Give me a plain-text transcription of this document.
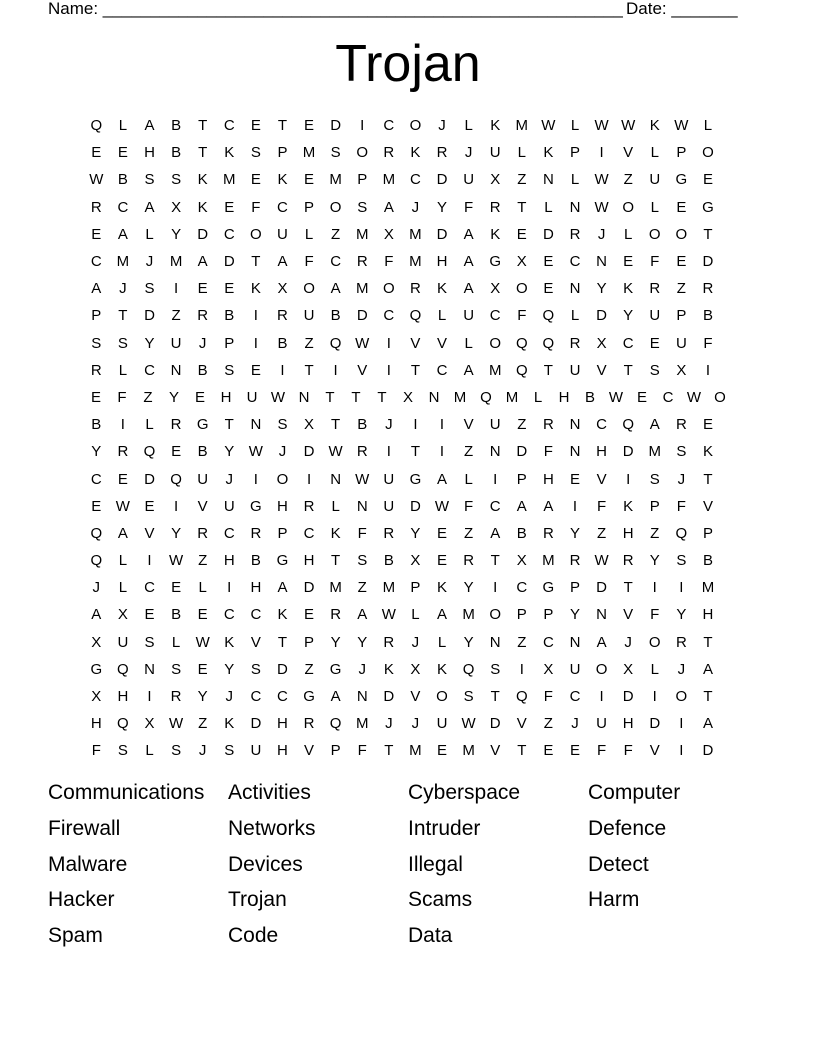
Name: _______________________________________________________ Date: _______
Trojan
Q	L	A	B	T	C	E	T	E	D	I	C	O	J	L	K	M W	L	W W K W	L
E	E	H	B	T	K	S	P	M	S	O	R	K	R	J	U	L	K	P	I	V	L	P	O
W B	S	S	K	M	E	K	E	M	P	M C	D	U	X	Z	N	L	W Z	U	G	E
R	C	A	X	K	E	F	C	P	O	S	A	J	Y	F	R	T	L	N W O	L	E	G
E	A	L	Y	D	C	O	U	L	Z	M	X	M D	A	K	E	D	R	J	L	O O	T
C M	J	M	A	D	T	A	F	C	R	F	M H	A	G	X	E	C	N	E	F	E	D
A	J	S	I	E	E	K	X	O	A	M O	R	K	A	X	O	E	N	Y	K	R	Z	R
P	T	D	Z	R	B	I	R	U	B	D	C	Q	L	U	C	F	Q	L	D	Y	U	P	B
S	S	Y	U	J	P	I	B	Z	Q W	I	V	V	L	O Q Q	R	X	C	E	U	F
R	L	C	N	B	S	E	I	T	I	V	I	T	C	A	M Q	T	U	V	T	S	X	I
E	F	Z	Y	E	H	U W N	T	T	T	X	N M Q M	L	H	B W E	C W O
B	I	L	R	G	T	N	S	X	T	B	J	I	I	V	U	Z	R	N	C	Q	A	R	E
Y	R	Q	E	B	Y W	J	D W R	I	T	I	Z	N	D	F	N	H	D M	S	K
C	E	D	Q	U	J	I	O	I	N W U	G	A	L	I	P	H	E	V	I	S	J	T
E W E	I	V	U	G	H	R	L	N	U	D W F	C	A	A	I	F	K	P	F	V
Q	A	V	Y	R	C	R	P	C	K	F	R	Y	E	Z	A	B	R	Y	Z	H	Z	Q	P
Q	L	I	W Z	H	B	G	H	T	S	B	X	E	R	T	X	M R W R	Y	S	B
J	L	C	E	L	I	H	A	D M	Z	M	P	K	Y	I	C	G	P	D	T	I	I	M
A	X	E	B	E	C	C	K	E	R	A W	L	A	M O	P	P	Y	N	V	F	Y	H
X	U	S	L	W K	V	T	P	Y	Y	R	J	L	Y	N	Z	C	N	A	J	O	R	T
G Q	N	S	E	Y	S	D	Z	G	J	K	X	K	Q	S	I	X	U	O	X	L	J	A
X	H	I	R	Y	J	C	C	G	A	N	D	V	O	S	T	Q	F	C	I	D	I	O	T
H	Q	X W Z	K	D	H	R	Q M	J	J	U W D	V	Z	J	U	H	D	I	A
F	S	L	S	J	S	U	H	V	P	F	T	M	E	M	V	T	E	E	F	F	V	I	D
Communications
Firewall
Malware
Hacker
Spam
Activities
Networks
Devices
Trojan
Code
Cyberspace
Intruder
Illegal
Scams
Data
Computer
Defence
Detect
Harm
